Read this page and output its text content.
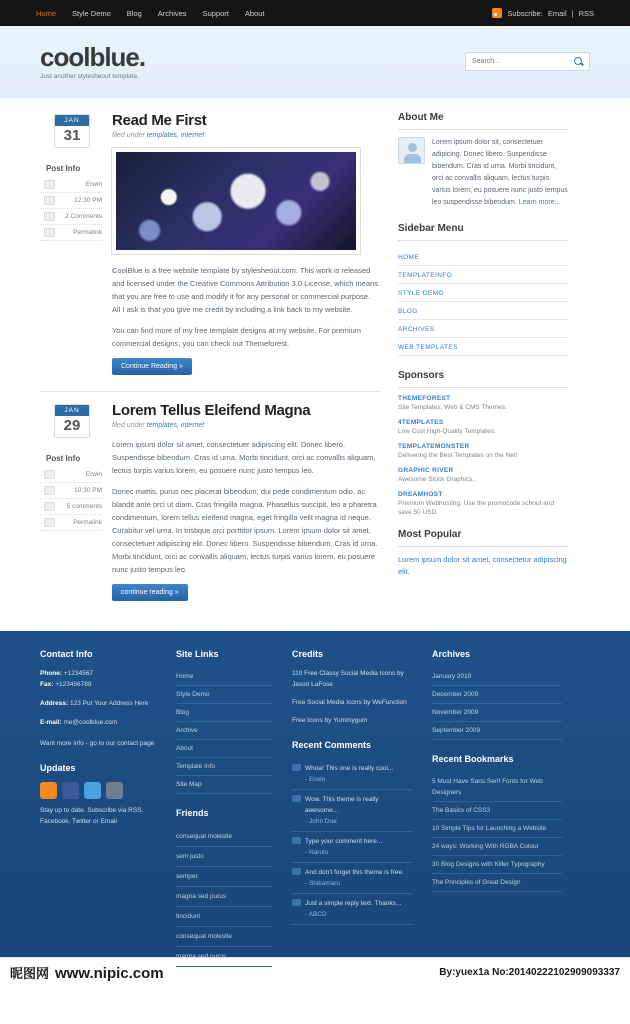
Home Style Demo Blog Archives Support About	Subscribe: Email | RSS
coolblue.
Just another stylesheout template.
Search...
JAN
31
Post Info
Erwin
12:30 PM
2 Comments
Permalink
Read Me First
filed under templates, internet

CoolBlue is a free website template by stylesheout.com. This work is released and licensed under the Creative Commons Attribution 3.0 License, which means that you are free to use and modify it for any personal or commercial purpose. All I ask is that you give me credit by including a link back to my website.

You can find more of my free template designs at my website. For premium commercial designs, you can check out Themeforest.

Continue Reading »
JAN
29
Post Info
Erwin
10:30 PM
5 comments
Permalink
Lorem Tellus Eleifend Magna
filed under templates, internet

Lorem ipsum dolor sit amet, consectetuer adipiscing elit. Donec libero. Suspendisse bibendum. Cras id urna. Morbi tincidunt, orci ac convallis aliquam, lectus turpis varius lorem, eu posuere nunc justo tempus leo.

Donec mattis, purus nec placerat bibendum, dui pede condimentum odio, ac blandit ante orci ut diam. Cras fringilla magna. Phasellus suscipit, leo a pharetra condimentum, lorem tellus eleifend magna, eget fringilla velit magna id neque. Curabitur vel urna. In tristique orci porttitor ipsum. Lorem ipsum dolor sit amet, consectetuer adipiscing elit. Donec libero. Suspendisse bibendum. Cras id urna. Morbi tincidunt, orci ac convallis aliquam, lectus turpis varius lorem, eu posuere nunc justo tempus leo.

continue reading »
About Me

Lorem ipsum dolor sit, consectetuer adipicing. Donec libero. Suspendisse bibendum. Cras id urna. Morbi tincidunt, orci ac convallis aliquam, lectus turpis varius lorem, eu posuere nunc justo tempus leo suspendisse bibendum. Learn more...

Sidebar Menu
HOME
TEMPLATEINFO
STYLE DEMO
BLOG
ARCHIVES
WEB TEMPLATES
Sponsors
THEMEFOREST
Site Templates, Web & CMS Themes.
4TEMPLATES
Low Cost High-Quality Templates.
TEMPLATEMONSTER
Delivering the Best Templates on the Net!
GRAPHIC RIVER
Awesome Stock Graphics.
DREAMHOST
Premium Webhosting. Use the promocode schout and save 50 USD.
Most Popular
Lorem ipsum dolor sit amet, consectetur adipiscing elit.
Contact Info
Phone: +1234567
Fax: +123456789
Address: 123 Put Your Address Here
E-mail: me@coolblue.com
Want more info - go to our contact page
Updates
Stay up to date. Subscribe via RSS, Facebook, Twitter or Email
Site Links
Home
Style Demo
Blog
Archive
About
Template Info
Site Map
Friends
consequat molestie
sem justo
semper
magna sed purus
tincidunt
consequat molestie
magna sed purus
Credits
110 Free Classy Social Media Icons by Jason LaFose
Free Social Media Icons by WeFunction
Free Icons by Yummygum
Recent Comments
Whoa! This one is really cool...
- Erwin
Wow. This theme is really awesome...
- John Doe
Type your comment here...
- Naruto
And don't forget this theme is free.
- Shikamaru
Just a simple reply text. Thanks...
- ABCD
Archives
January 2010
December 2009
November 2009
September 2009
Recent Bookmarks
5 Must Have Sans Serif Fonts for Web Designers
The Basics of CSS3
10 Simple Tips for Launching a Website
24 ways: Working With RGBA Colour
30 Blog Designs with Killer Typography
The Principles of Great Design
昵图网 www.nipic.com	By:yuex1a No:20140222102909093337
